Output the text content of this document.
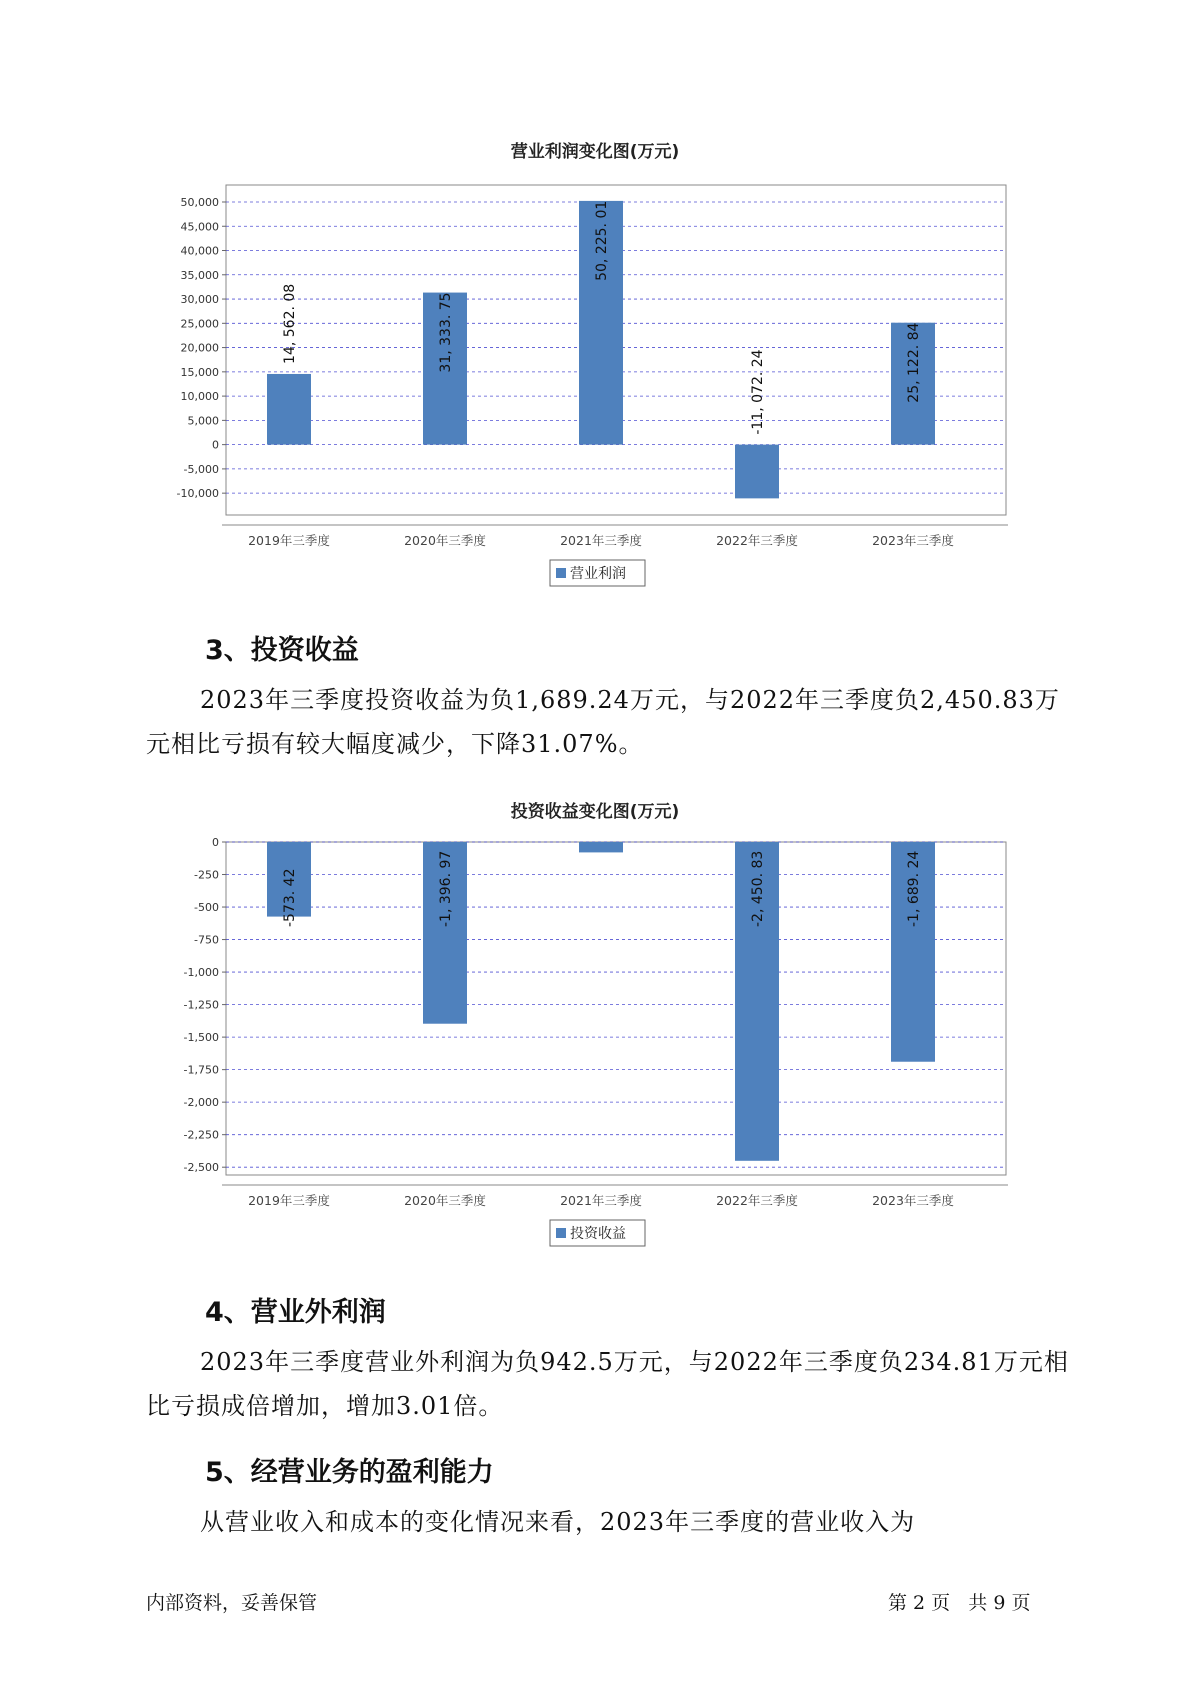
营业利润变化图(万元)
50,000
45,000
40,000
35,000
30,000
25,000
20,000
15,000
10,000
5,000
0
-5,000
-10,000
14, 562. 08
2019年三季度
31, 333. 75
2020年三季度
50, 225. 01
2021年三季度
-11, 072. 24
2022年三季度
25, 122. 84
2023年三季度
营业利润
3、投资收益

2023年三季度投资收益为负1,689.24万元，与2022年三季度负2,450.83万元相比亏损有较大幅度减少，下降31.07%。

投资收益变化图(万元)
0
-250
-500
-750
-1,000
-1,250
-1,500
-1,750
-2,000
-2,250
-2,500
-573. 42
2019年三季度
-1, 396. 97
2020年三季度	2021年三季度
-2, 450. 83
2022年三季度
-1, 689. 24
2023年三季度
投资收益
4、营业外利润

2023年三季度营业外利润为负942.5万元，与2022年三季度负234.81万元相比亏损成倍增加，增加3.01倍。

5、经营业务的盈利能力

从营业收入和成本的变化情况来看，2023年三季度的营业收入为

内部资料，妥善保管	第 2 页   共 9 页
